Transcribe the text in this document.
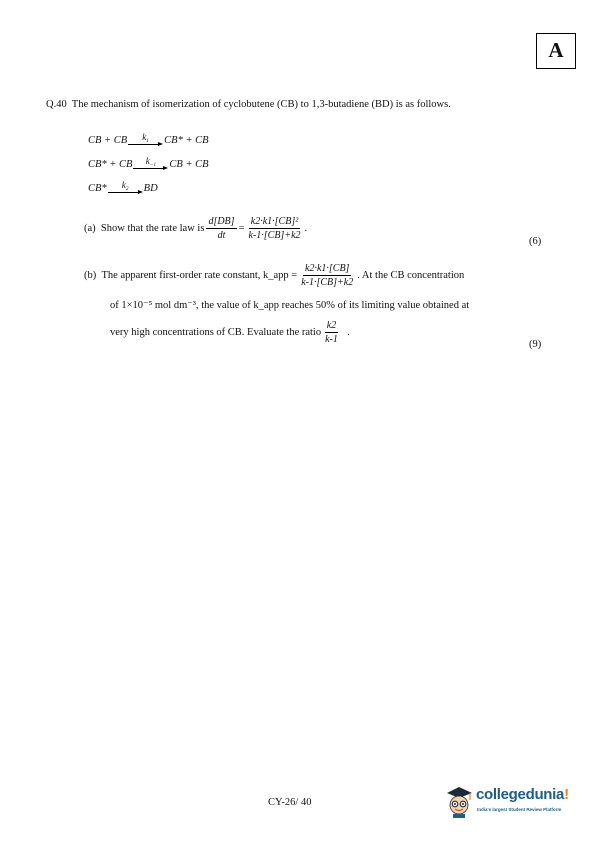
A
Q.40 The mechanism of isomerization of cyclobutene (CB) to 1,3-butadiene (BD) is as follows.
CB + CB $k_1$ CB* + CB
CB* + CB $k_{-1}$ CB + CB
CB* $k_2$ BD
(a)
Show that the rate law is $\frac{d[DB]}{dt} = \frac{\text{k2·k1·[CB]²}}{k-1\cdot[CB]+k2}$ .
(6)
(b)
The apparent first-order rate constant, k_app = $\frac{k2\cdot k1\cdot[CB]}{k-1\cdot[CB]+k2}$ . At the CB concentration
of 1×10⁻⁵ mol dm⁻³, the value of k_app reaches 50% of its limiting value obtained at
very high concentrations of CB. Evaluate the ratio $\frac{k2}{k-1}$ .
(9)
CY-26/ 40	collegedunia!
India's largest Student Review Platform
